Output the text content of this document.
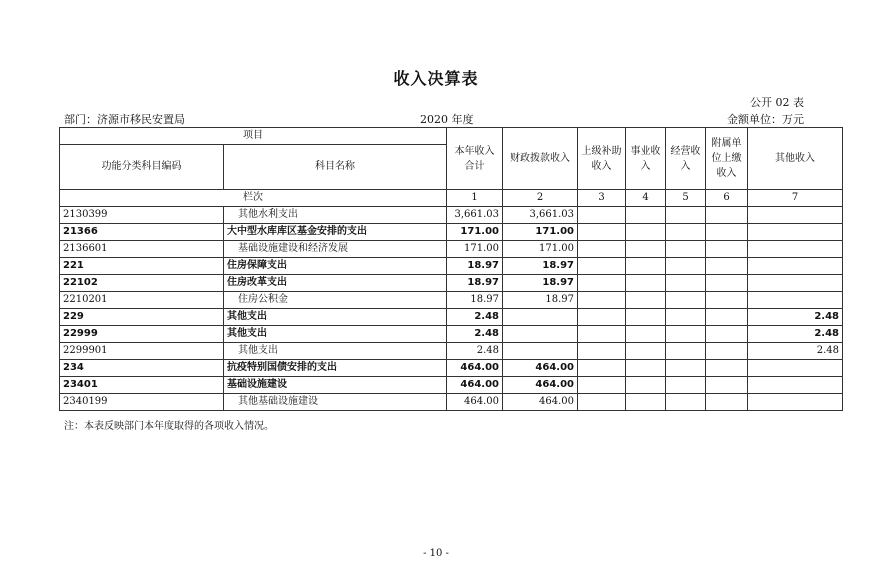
收入决算表
公开 02 表
部门：济源市移民安置局	2020 年度	金额单位：万元
项目		本年收入合计	财政拨款收入	上级补助收入	事业收入	经营收入	附属单位上缴收入	其他收入
功能分类科目编码	科目名称							
栏次		1	2	3	4	5	6	7
2130399	其他水利支出	3,661.03	3,661.03					
21366	大中型水库库区基金安排的支出	171.00	171.00					
2136601	基础设施建设和经济发展	171.00	171.00					
221	住房保障支出	18.97	18.97					
22102	住房改革支出	18.97	18.97					
2210201	住房公积金	18.97	18.97					
229	其他支出	2.48						2.48
22999	其他支出	2.48						2.48
2299901	其他支出	2.48						2.48
234	抗疫特别国债安排的支出	464.00	464.00					
23401	基础设施建设	464.00	464.00					
2340199	其他基础设施建设	464.00	464.00					
注：本表反映部门本年度取得的各项收入情况。
- 10 -
